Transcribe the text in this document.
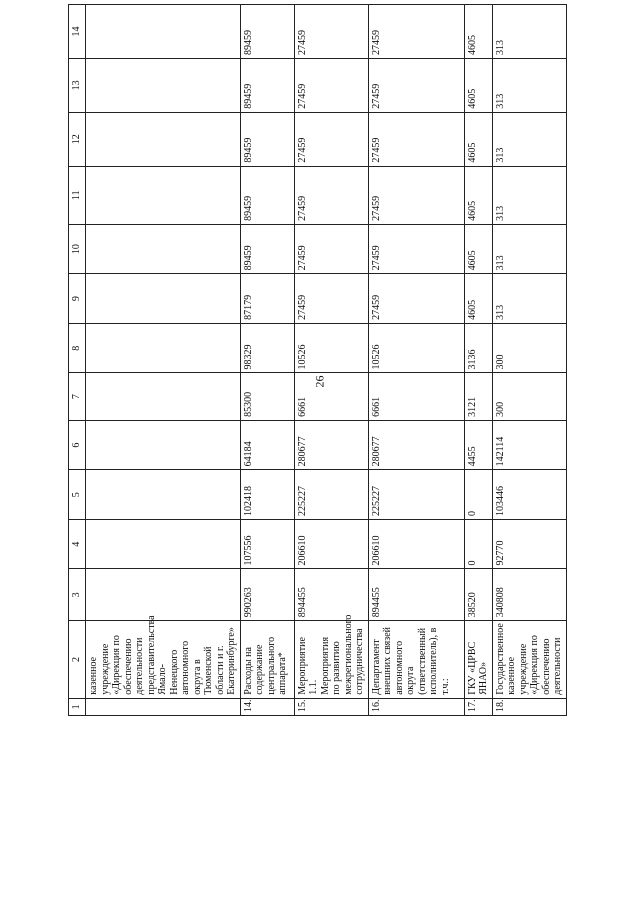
26
1	2	3	4	5	6	7	8	9	10	11	12	13	14
	казенное учреждение «Дирекция по обеспечению деятельности представительства Ямало-Ненецкого автономного округа в Тюменской области и г. Екатеринбурге»												
14.	Расходы на содержание центрального аппарата*	990263	107556	102418	64184	85300	98329	87179	89459	89459	89459	89459	89459
15.	Мероприятие 1.1. Мероприятия по развитию межрегионального сотрудничества	894455	206610	225227	280677	6661	10526	27459	27459	27459	27459	27459	27459
16.	Департамент внешних связей автономного округа (ответственный исполнитель), в т.ч.:	894455	206610	225227	280677	6661	10526	27459	27459	27459	27459	27459	27459
17.	ГКУ «ЦРВС ЯНАО»	38520	0	0	4455	3121	3136	4605	4605	4605	4605	4605	4605
18.	Государственное казенное учреждение «Дирекция по обеспечению деятельности	340808	92770	103446	142114	300	300	313	313	313	313	313	313
